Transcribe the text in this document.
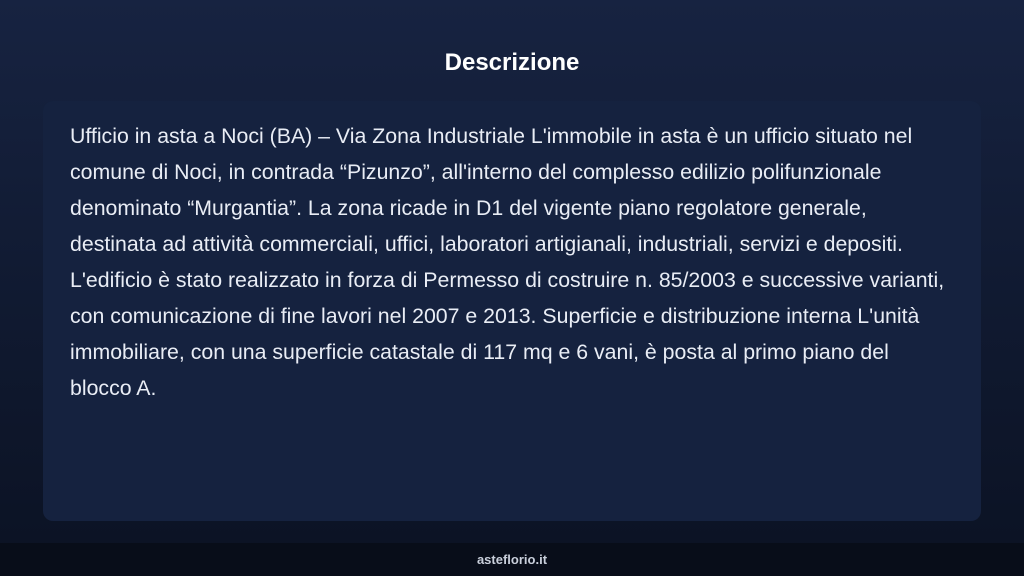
Descrizione

Ufficio in asta a Noci (BA) – Via Zona Industriale L'immobile in asta è un ufficio situato nel comune di Noci, in contrada “Pizunzo”, all'interno del complesso edilizio polifunzionale denominato “Murgantia”. La zona ricade in D1 del vigente piano regolatore generale, destinata ad attività commerciali, uffici, laboratori artigianali, industriali, servizi e depositi. L'edificio è stato realizzato in forza di Permesso di costruire n. 85/2003 e successive varianti, con comunicazione di fine lavori nel 2007 e 2013. Superficie e distribuzione interna L'unità immobiliare, con una superficie catastale di 117 mq e 6 vani, è posta al primo piano del blocco A.

asteflorio.it
